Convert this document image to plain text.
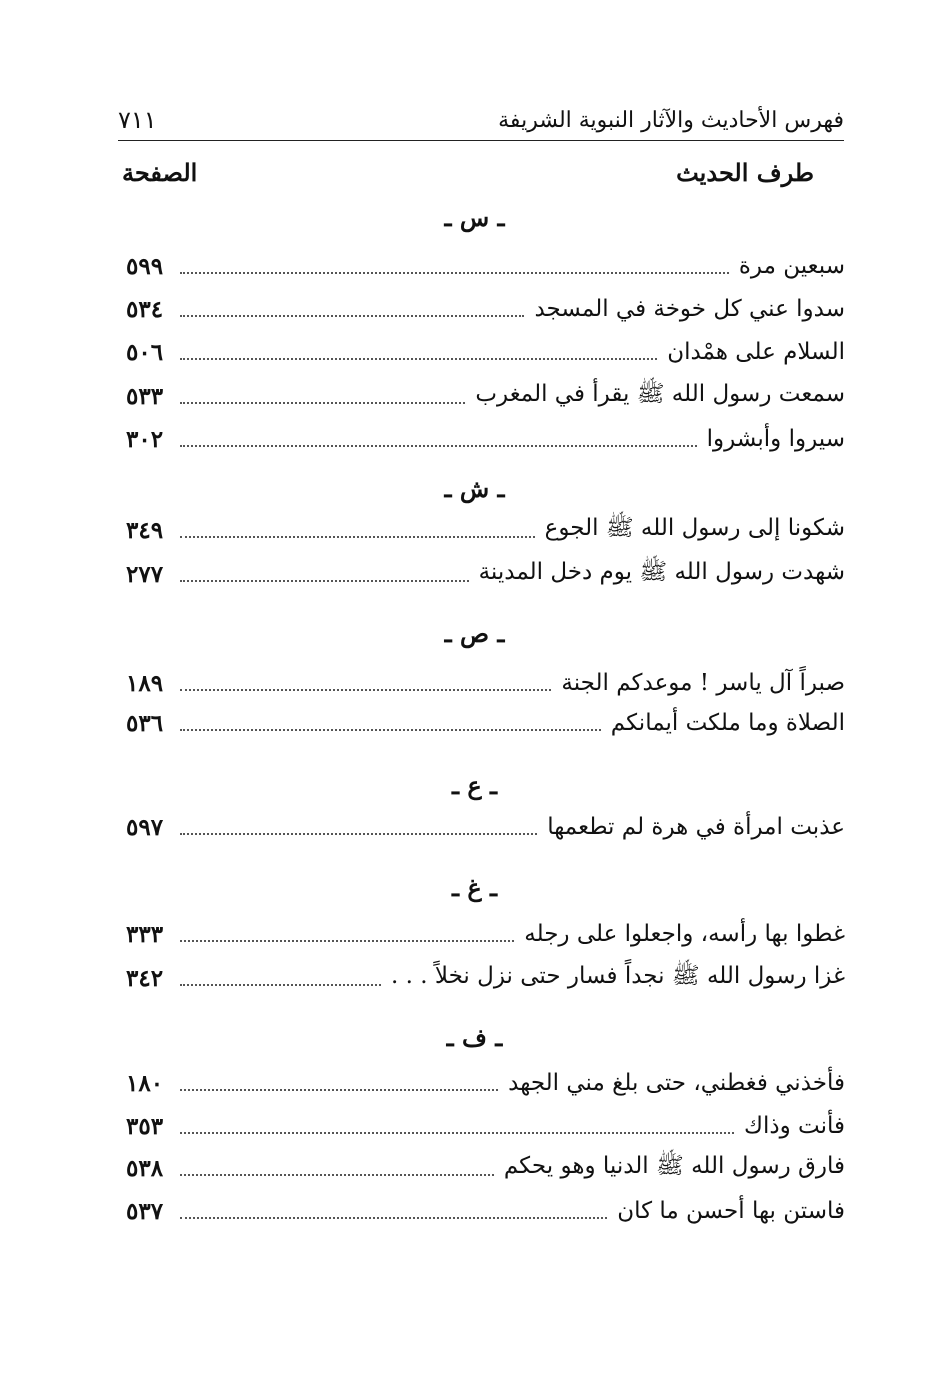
فهرس الأحاديث والآثار النبوية الشريفة
٧١١
طرف الحديث
الصفحة
ـ س ـ
سبعين مرة
٥٩٩
سدوا عني كل خوخة في المسجد
٥٣٤
السلام على همْدان
٥٠٦
سمعت رسول الله ﷺ يقرأ في المغرب
٥٣٣
سيروا وأبشروا
٣٠٢
ـ ش ـ
شكونا إلى رسول الله ﷺ الجوع
٣٤٩
شهدت رسول الله ﷺ يوم دخل المدينة
٢٧٧
ـ ص ـ
صبراً آل ياسر ! موعدكم الجنة
١٨٩
الصلاة وما ملكت أيمانكم
٥٣٦
ـ ع ـ
عذبت امرأة في هرة لم تطعمها
٥٩٧
ـ غ ـ
غطوا بها رأسه، واجعلوا على رجله
٣٣٣
غزا رسول الله ﷺ نجداً فسار حتى نزل نخلاً . . .
٣٤٢
ـ ف ـ
فأخذني فغطني، حتى بلغ مني الجهد
١٨٠
فأنت وذاك
٣٥٣
فارق رسول الله ﷺ الدنيا وهو يحكم
٥٣٨
فاستن بها أحسن ما كان
٥٣٧
